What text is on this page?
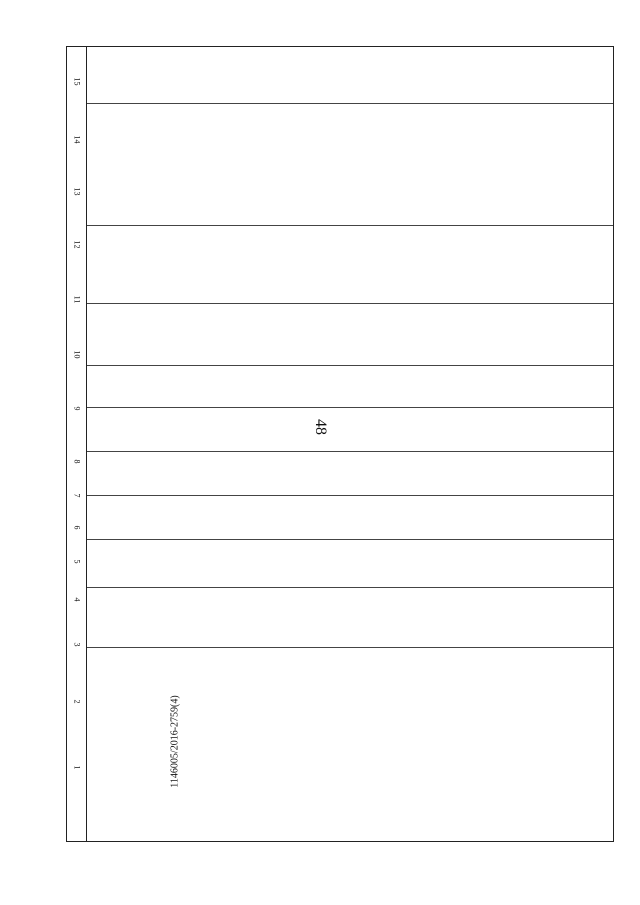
48
1146005/2016-2759(4)
1
2
3
4
5
6
7
8
9
10
11
12
13
14
15
